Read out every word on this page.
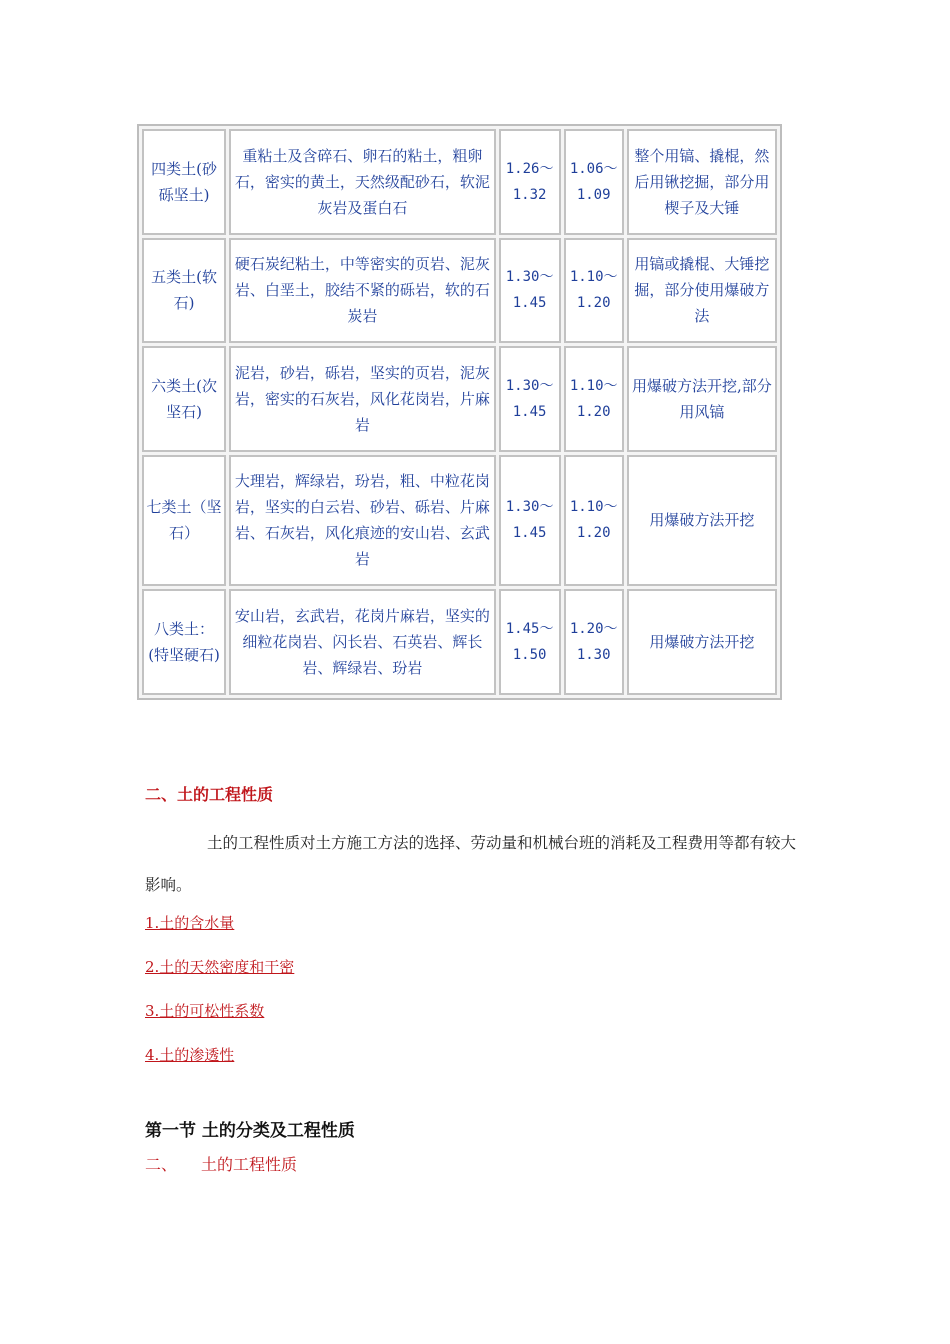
四类土(砂砾坚土)	重粘土及含碎石、卵石的粘土，粗卵石，密实的黄土，天然级配砂石，软泥灰岩及蛋白石	1.26～1.32	1.06～1.09	整个用镐、撬棍，然后用锹挖掘，部分用楔子及大锤
五类土(软石)	硬石炭纪粘土，中等密实的页岩、泥灰岩、白垩土，胶结不紧的砾岩，软的石炭岩	1.30～1.45	1.10～1.20	用镐或撬棍、大锤挖掘，部分使用爆破方法
六类土(次坚石)	泥岩，砂岩，砾岩，坚实的页岩，泥灰岩，密实的石灰岩，风化花岗岩，片麻岩	1.30～1.45	1.10～1.20	用爆破方法开挖,部分用风镐
七类土（坚石）	大理岩，辉绿岩，玢岩，粗、中粒花岗岩，坚实的白云岩、砂岩、砾岩、片麻岩、石灰岩，风化痕迹的安山岩、玄武岩	1.30～1.45	1.10～1.20	用爆破方法开挖
八类土：(特坚硬石)	安山岩，玄武岩，花岗片麻岩，坚实的细粒花岗岩、闪长岩、石英岩、辉长岩、辉绿岩、玢岩	1.45～1.50	1.20～1.30	用爆破方法开挖
二、土的工程性质

土的工程性质对土方施工方法的选择、劳动量和机械台班的消耗及工程费用等都有较大影响。

1.土的含水量
2.土的天然密度和干密
3.土的可松性系数
4.土的渗透性
第一节 土的分类及工程性质
二、 土的工程性质
